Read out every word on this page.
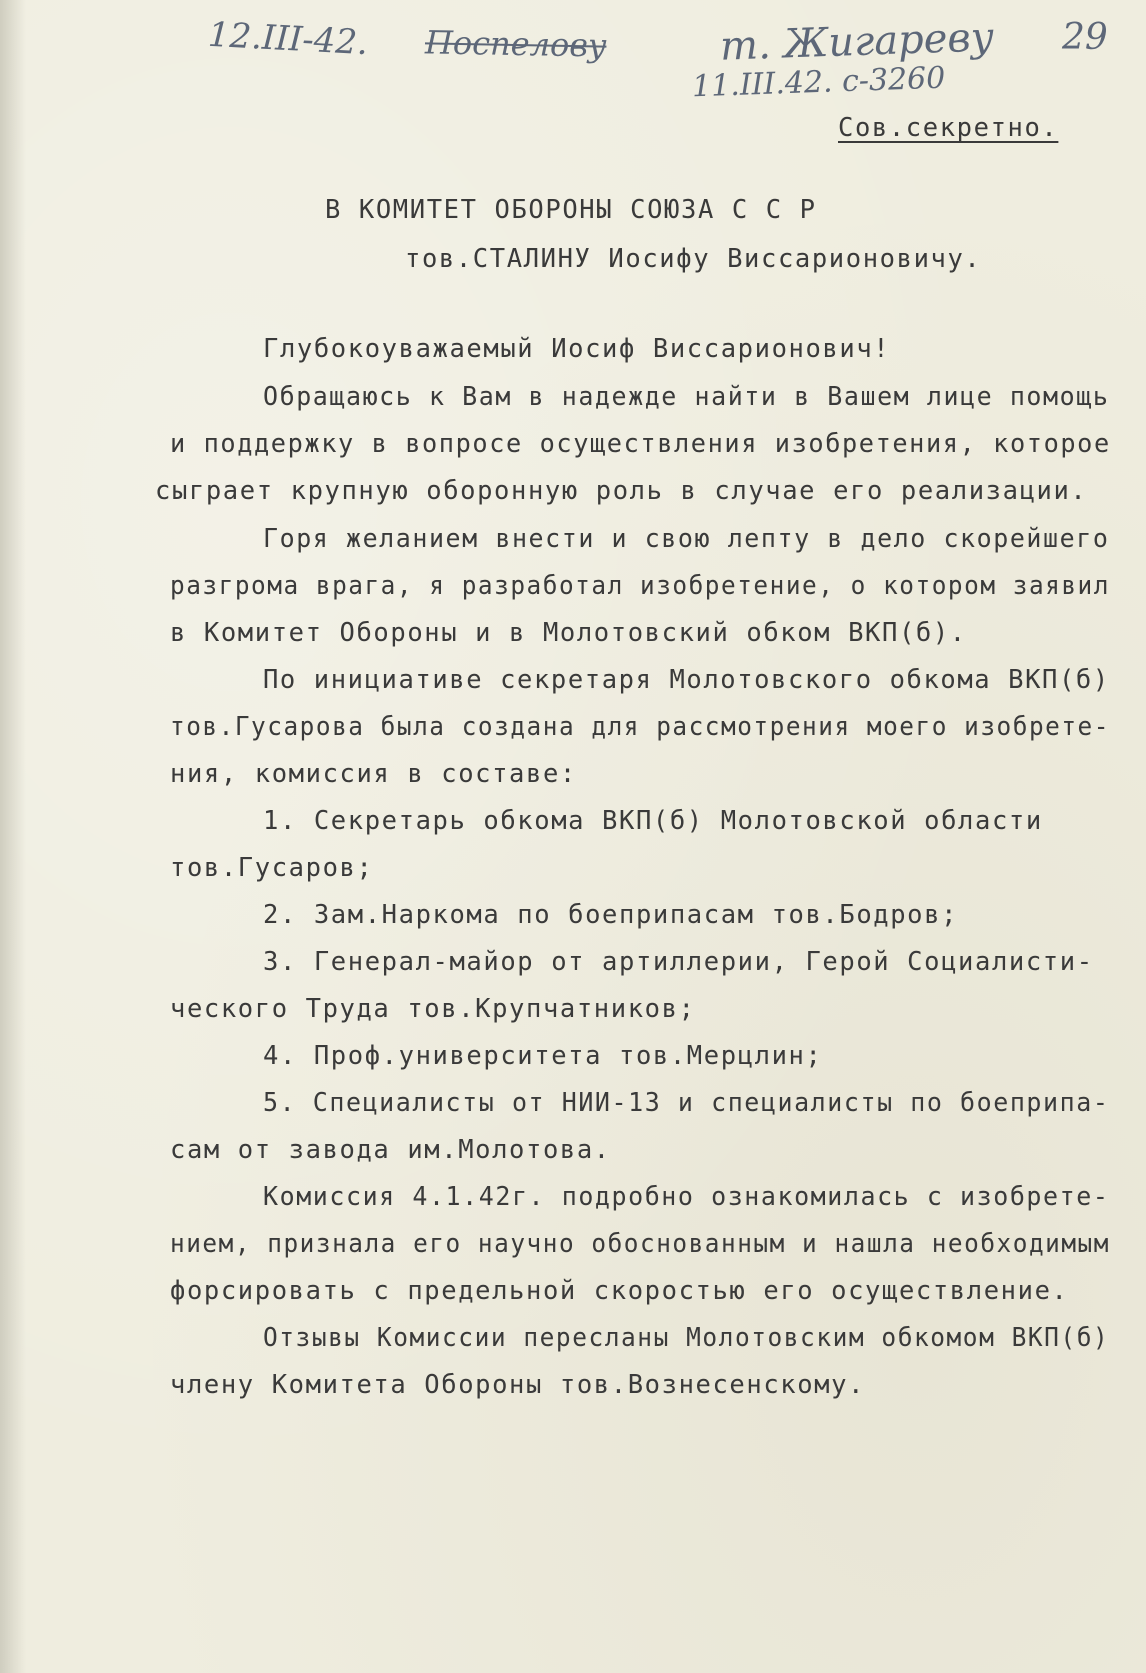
12.III-42. Поспелову	т. Жигареву
11.III.42. с-3260
29
Сов.секретно.
В КОМИТЕТ ОБОРОНЫ СОЮЗА С С Р
тов.СТАЛИНУ Иосифу Виссарионовичу.
Глубокоуважаемый Иосиф Виссарионович!
Обращаюсь к Вам в надежде найти в Вашем лице помощь
и поддержку в вопросе осуществления изобретения, которое
сыграет крупную оборонную роль в случае его реализации.
Горя желанием внести и свою лепту в дело скорейшего
разгрома врага, я разработал изобретение, о котором заявил
в Комитет Обороны и в Молотовский обком ВКП(б).
По инициативе секретаря Молотовского обкома ВКП(б)
тов.Гусарова была создана для рассмотрения моего изобрете-
ния, комиссия в составе:
1. Секретарь обкома ВКП(б) Молотовской области
тов.Гусаров;
2. Зам.Наркома по боеприпасам тов.Бодров;
3. Генерал-майор от артиллерии, Герой Социалисти-
ческого Труда тов.Крупчатников;
4. Проф.университета тов.Мерцлин;
5. Специалисты от НИИ-13 и специалисты по боеприпа-
сам от завода им.Молотова.
Комиссия 4.1.42г. подробно ознакомилась с изобрете-
нием, признала его научно обоснованным и нашла необходимым
форсировать с предельной скоростью его осуществление.
Отзывы Комиссии пересланы Молотовским обкомом ВКП(б)
члену Комитета Обороны тов.Вознесенскому.
